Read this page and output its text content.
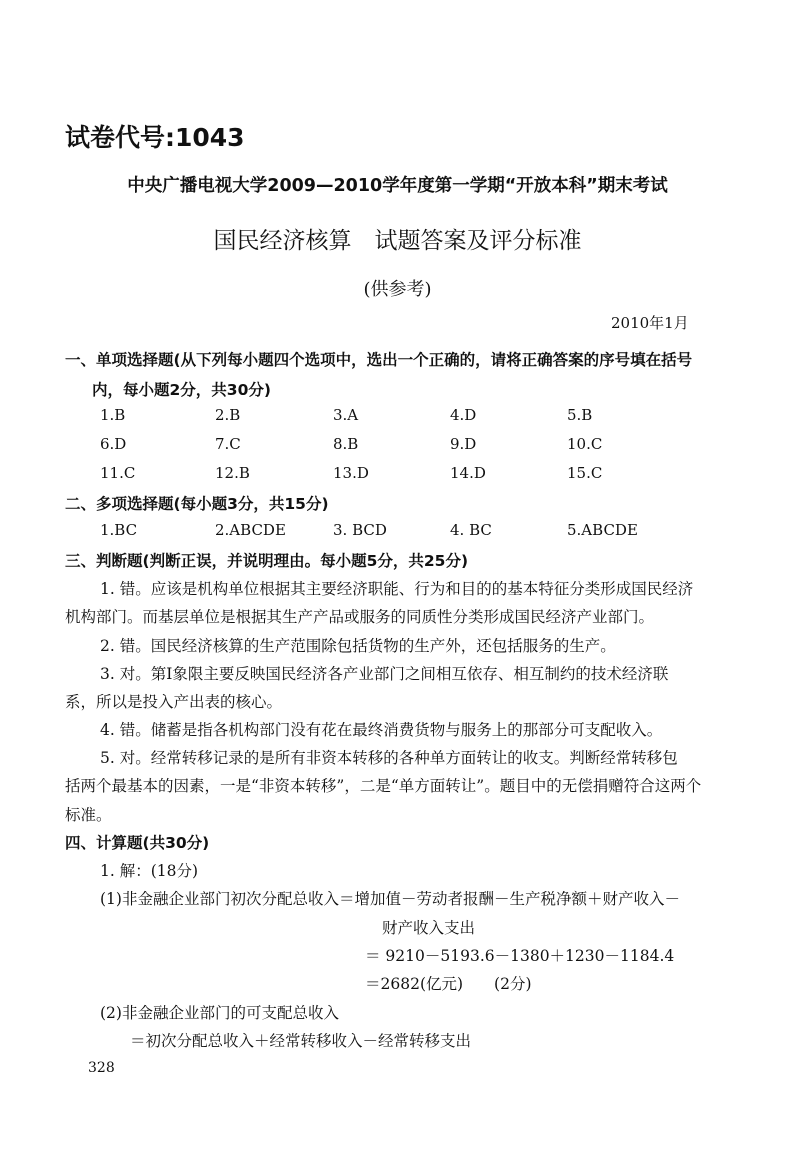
试卷代号:1043
中央广播电视大学2009—2010学年度第一学期“开放本科”期末考试
国民经济核算　试题答案及评分标准
(供参考)
2010年1月
一、单项选择题(从下列每小题四个选项中，选出一个正确的，请将正确答案的序号填在括号
内，每小题2分，共30分)
1.B	2.B	3.A	4.D	5.B
6.D	7.C	8.B	9.D	10.C
11.C	12.B	13.D	14.D	15.C
二、多项选择题(每小题3分，共15分)
1.BC	2.ABCDE	3. BCD	4. BC	5.ABCDE
三、判断题(判断正误，并说明理由。每小题5分，共25分)
1. 错。应该是机构单位根据其主要经济职能、行为和目的的基本特征分类形成国民经济
机构部门。而基层单位是根据其生产产品或服务的同质性分类形成国民经济产业部门。
2. 错。国民经济核算的生产范围除包括货物的生产外，还包括服务的生产。
3. 对。第Ⅰ象限主要反映国民经济各产业部门之间相互依存、相互制约的技术经济联
系，所以是投入产出表的核心。
4. 错。储蓄是指各机构部门没有花在最终消费货物与服务上的那部分可支配收入。
5. 对。经常转移记录的是所有非资本转移的各种单方面转让的收支。判断经常转移包
括两个最基本的因素，一是“非资本转移”，二是“单方面转让”。题目中的无偿捐赠符合这两个
标准。
四、计算题(共30分)
1. 解：(18分)
(1)非金融企业部门初次分配总收入＝增加值－劳动者报酬－生产税净额＋财产收入－
财产收入支出
＝ 9210－5193.6－1380＋1230－1184.4
＝2682(亿元)　　(2分)
(2)非金融企业部门的可支配总收入
＝初次分配总收入＋经常转移收入－经常转移支出
328
